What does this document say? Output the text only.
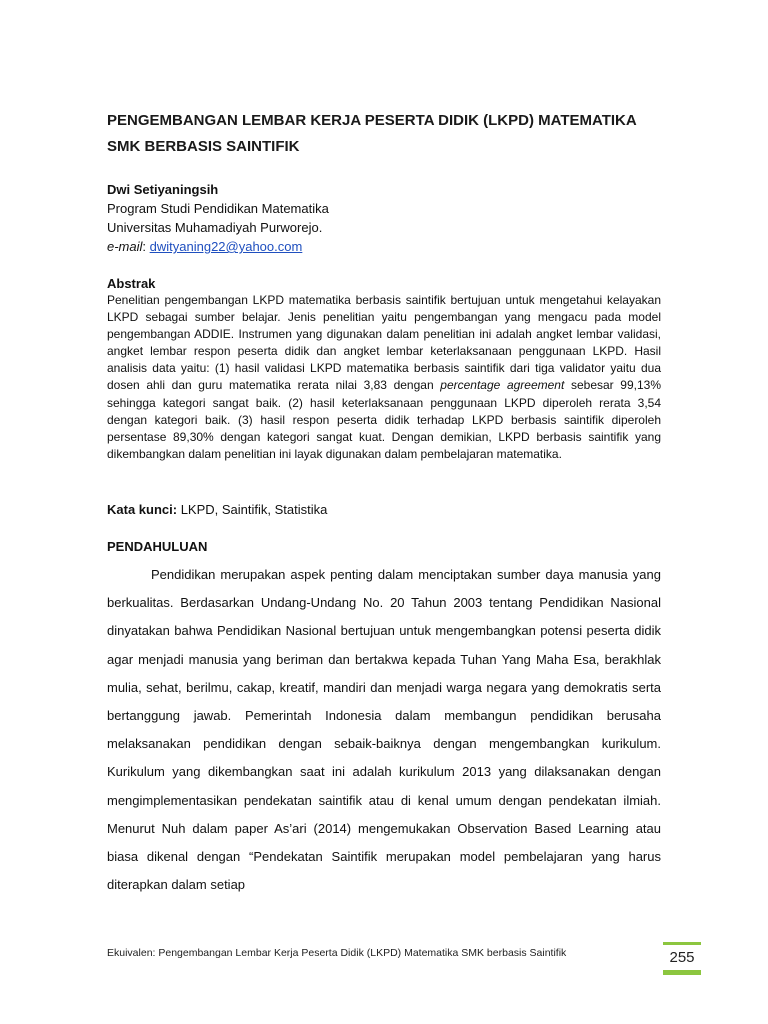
PENGEMBANGAN LEMBAR KERJA PESERTA DIDIK (LKPD) MATEMATIKA SMK BERBASIS SAINTIFIK
Dwi Setiyaningsih
Program Studi Pendidikan Matematika
Universitas Muhamadiyah Purworejo.
e-mail: dwityaning22@yahoo.com
Abstrak
Penelitian pengembangan LKPD matematika berbasis saintifik bertujuan untuk mengetahui kelayakan LKPD sebagai sumber belajar. Jenis penelitian yaitu pengembangan yang mengacu pada model pengembangan ADDIE. Instrumen yang digunakan dalam penelitian ini adalah angket lembar validasi, angket lembar respon peserta didik dan angket lembar keterlaksanaan penggunaan LKPD. Hasil analisis data yaitu: (1) hasil validasi LKPD matematika berbasis saintifik dari tiga validator yaitu dua dosen ahli dan guru matematika rerata nilai 3,83 dengan percentage agreement sebesar 99,13% sehingga kategori sangat baik. (2) hasil keterlaksanaan penggunaan LKPD diperoleh rerata 3,54 dengan kategori baik. (3) hasil respon peserta didik terhadap LKPD berbasis saintifik diperoleh persentase 89,30% dengan kategori sangat kuat. Dengan demikian, LKPD berbasis saintifik yang dikembangkan dalam penelitian ini layak digunakan dalam pembelajaran matematika.
Kata kunci: LKPD, Saintifik, Statistika
PENDAHULUAN

Pendidikan merupakan aspek penting dalam menciptakan sumber daya manusia yang berkualitas. Berdasarkan Undang-Undang No. 20 Tahun 2003 tentang Pendidikan Nasional dinyatakan bahwa Pendidikan Nasional bertujuan untuk mengembangkan potensi peserta didik agar menjadi manusia yang beriman dan bertakwa kepada Tuhan Yang Maha Esa, berakhlak mulia, sehat, berilmu, cakap, kreatif, mandiri dan menjadi warga negara yang demokratis serta bertanggung jawab. Pemerintah Indonesia dalam membangun pendidikan berusaha melaksanakan pendidikan dengan sebaik-baiknya dengan mengembangkan kurikulum. Kurikulum yang dikembangkan saat ini adalah kurikulum 2013 yang dilaksanakan dengan mengimplementasikan pendekatan saintifik atau di kenal umum dengan pendekatan ilmiah. Menurut Nuh dalam paper As’ari (2014) mengemukakan Observation Based Learning atau biasa dikenal dengan “Pendekatan Saintifik merupakan model pembelajaran yang harus diterapkan dalam setiap

Ekuivalen: Pengembangan Lembar Kerja Peserta Didik (LKPD) Matematika SMK berbasis Saintifik	255
